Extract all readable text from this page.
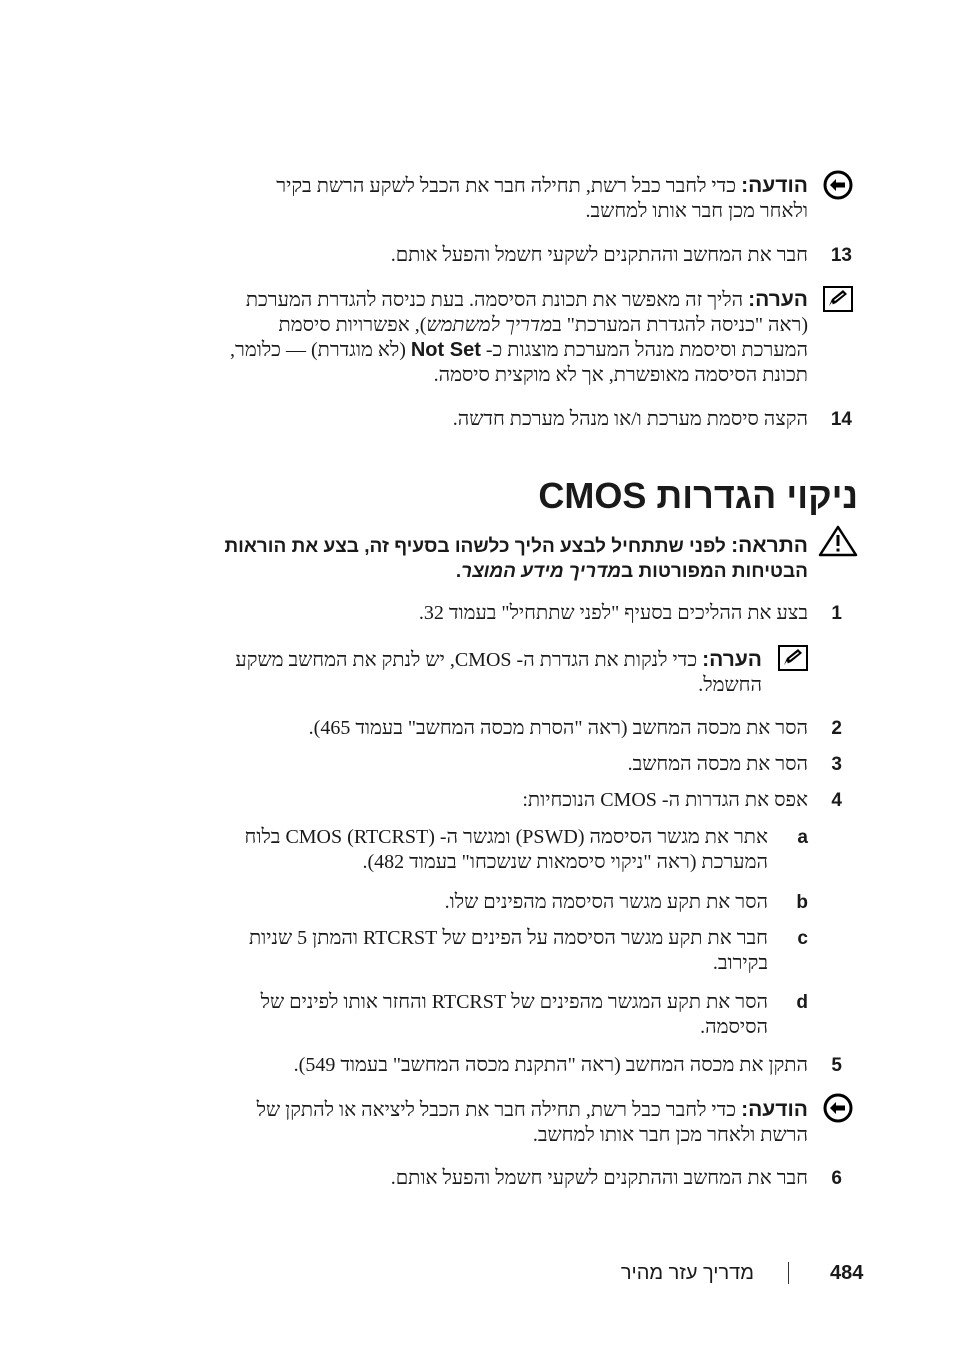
הודעה: כדי לחבר כבל רשת, תחילה חבר את הכבל לשקע הרשת בקיר
ולאחר מכן חבר אותו למחשב.
13
חבר את המחשב וההתקנים לשקעי חשמל והפעל אותם.
הערה: הליך זה מאפשר את תכונת הסיסמה. בעת כניסה להגדרת המערכת
(ראה "כניסה להגדרת המערכת" במדריך למשתמש), אפשרויות סיסמת
המערכת וסיסמת מנהל המערכת מוצגות כ- Not Set (לא מוגדרת) — כלומר,
תכונת הסיסמה מאופשרת, אך לא מוקצית סיסמה.
14
הקצה סיסמת מערכת ו/או מנהל מערכת חדשה.
ניקוי הגדרות CMOS
התראה: לפני שתתחיל לבצע הליך כלשהו בסעיף זה, בצע את הוראות
הבטיחות המפורטות במדריך מידע המוצר.
1
בצע את ההליכים בסעיף "לפני שתתחיל" בעמוד 32.
הערה: כדי לנקות את הגדרת ה- CMOS, יש לנתק את המחשב משקע
החשמל.
2
הסר את מכסה המחשב (ראה "הסרת מכסה המחשב" בעמוד 465).
3
הסר את מכסה המחשב.
4
אפס את הגדרות ה- CMOS הנוכחיות:
a
אתר את מגשר הסיסמה (PSWD) ומגשר ה- (RTCRST) CMOS בלוח
המערכת (ראה "ניקוי סיסמאות שנשכחו" בעמוד 482).
b
הסר את תקע מגשר הסיסמה מהפינים שלו.
c
חבר את תקע מגשר הסיסמה על הפינים של RTCRST והמתן 5 שניות
בקירוב.
d
הסר את תקע המגשר מהפינים של RTCRST והחזר אותו לפינים של
הסיסמה.
5
התקן את מכסה המחשב (ראה "התקנת מכסה המחשב" בעמוד 549).
הודעה: כדי לחבר כבל רשת, תחילה חבר את הכבל ליציאה או להתקן של
הרשת ולאחר מכן חבר אותו למחשב.
6
חבר את המחשב וההתקנים לשקעי חשמל והפעל אותם.
484
מדריך עזר מהיר
